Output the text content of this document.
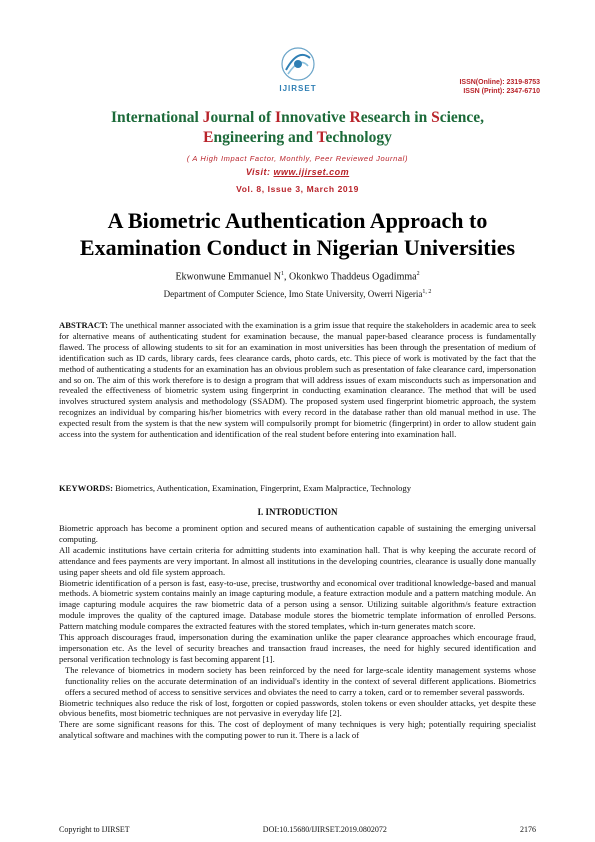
IJIRSET
ISSN(Online): 2319-8753
ISSN (Print): 2347-6710
International Journal of Innovative Research in Science,
Engineering and Technology
( A High Impact Factor, Monthly, Peer Reviewed Journal)
Visit: www.ijirset.com
Vol. 8, Issue 3, March 2019
A Biometric Authentication Approach to
Examination Conduct in Nigerian Universities
Ekwonwune Emmanuel $N^1$, Okonkwo Thaddeus Ogadimma$^2$
Department of Computer Science, Imo State University, Owerri Nigeria$^{1, 2}$
ABSTRACT: The unethical manner associated with the examination is a grim issue that require the stakeholders in academic area to seek for alternative means of authenticating student for examination because, the manual paper-based clearance process is fundamentally flawed. The process of allowing students to sit for an examination in most universities has been through the presentation of medium of identification such as ID cards, library cards, fees clearance cards, photo cards, etc. This piece of work is motivated by the fact that the method of authenticating a students for an examination has an obvious problem such as presentation of fake clearance card, impersonation and so on. The aim of this work therefore is to design a program that will address issues of exam misconducts such as impersonation and revealed the effectiveness of biometric system using fingerprint in conducting examination clearance. The method that will be used involves structured system analysis and methodology (SSADM). The proposed system used fingerprint biometric approach, the system recognizes an individual by comparing his/her biometrics with every record in the database rather than old manual method in use. The expected result from the system is that the new system will compulsorily prompt for biometric (fingerprint) in order to allow student gain access into the system for authentication and identification of the real student before entering into examination hall.
KEYWORDS: Biometrics, Authentication, Examination, Fingerprint, Exam Malpractice, Technology
I. INTRODUCTION

Biometric approach has become a prominent option and secured means of authentication capable of sustaining the emerging universal computing.

All academic institutions have certain criteria for admitting students into examination hall. That is why keeping the accurate record of attendance and fees payments are very important. In almost all institutions in the developing countries, clearance is usually done manually using paper sheets and old file system approach.

Biometric identification of a person is fast, easy-to-use, precise, trustworthy and economical over traditional knowledge-based and manual methods. A biometric system contains mainly an image capturing module, a feature extraction module and a pattern matching module. An image capturing module acquires the raw biometric data of a person using a sensor. Utilizing suitable algorithm/s feature extraction module improves the quality of the captured image. Database module stores the biometric template information of enrolled Persons. Pattern matching module compares the extracted features with the stored templates, which in-turn generates match score.

This approach discourages fraud, impersonation during the examination unlike the paper clearance approaches which encourage fraud, impersonation etc. As the level of security breaches and transaction fraud increases, the need for highly secured identification and personal verification technology is fast becoming apparent [1].

The relevance of biometrics in modern society has been reinforced by the need for large-scale identity management systems whose functionality relies on the accurate determination of an individual's identity in the context of several different applications. Biometrics offers a secured method of access to sensitive services and obviates the need to carry a token, card or to remember several passwords.

Biometric techniques also reduce the risk of lost, forgotten or copied passwords, stolen tokens or even shoulder attacks, yet despite these obvious benefits, most biometric techniques are not pervasive in everyday life [2].

There are some significant reasons for this. The cost of deployment of many techniques is very high; potentially requiring specialist analytical software and machines with the computing power to run it. There is a lack of

Copyright to IJIRSET	DOI:10.15680/IJIRSET.2019.0802072	2176
